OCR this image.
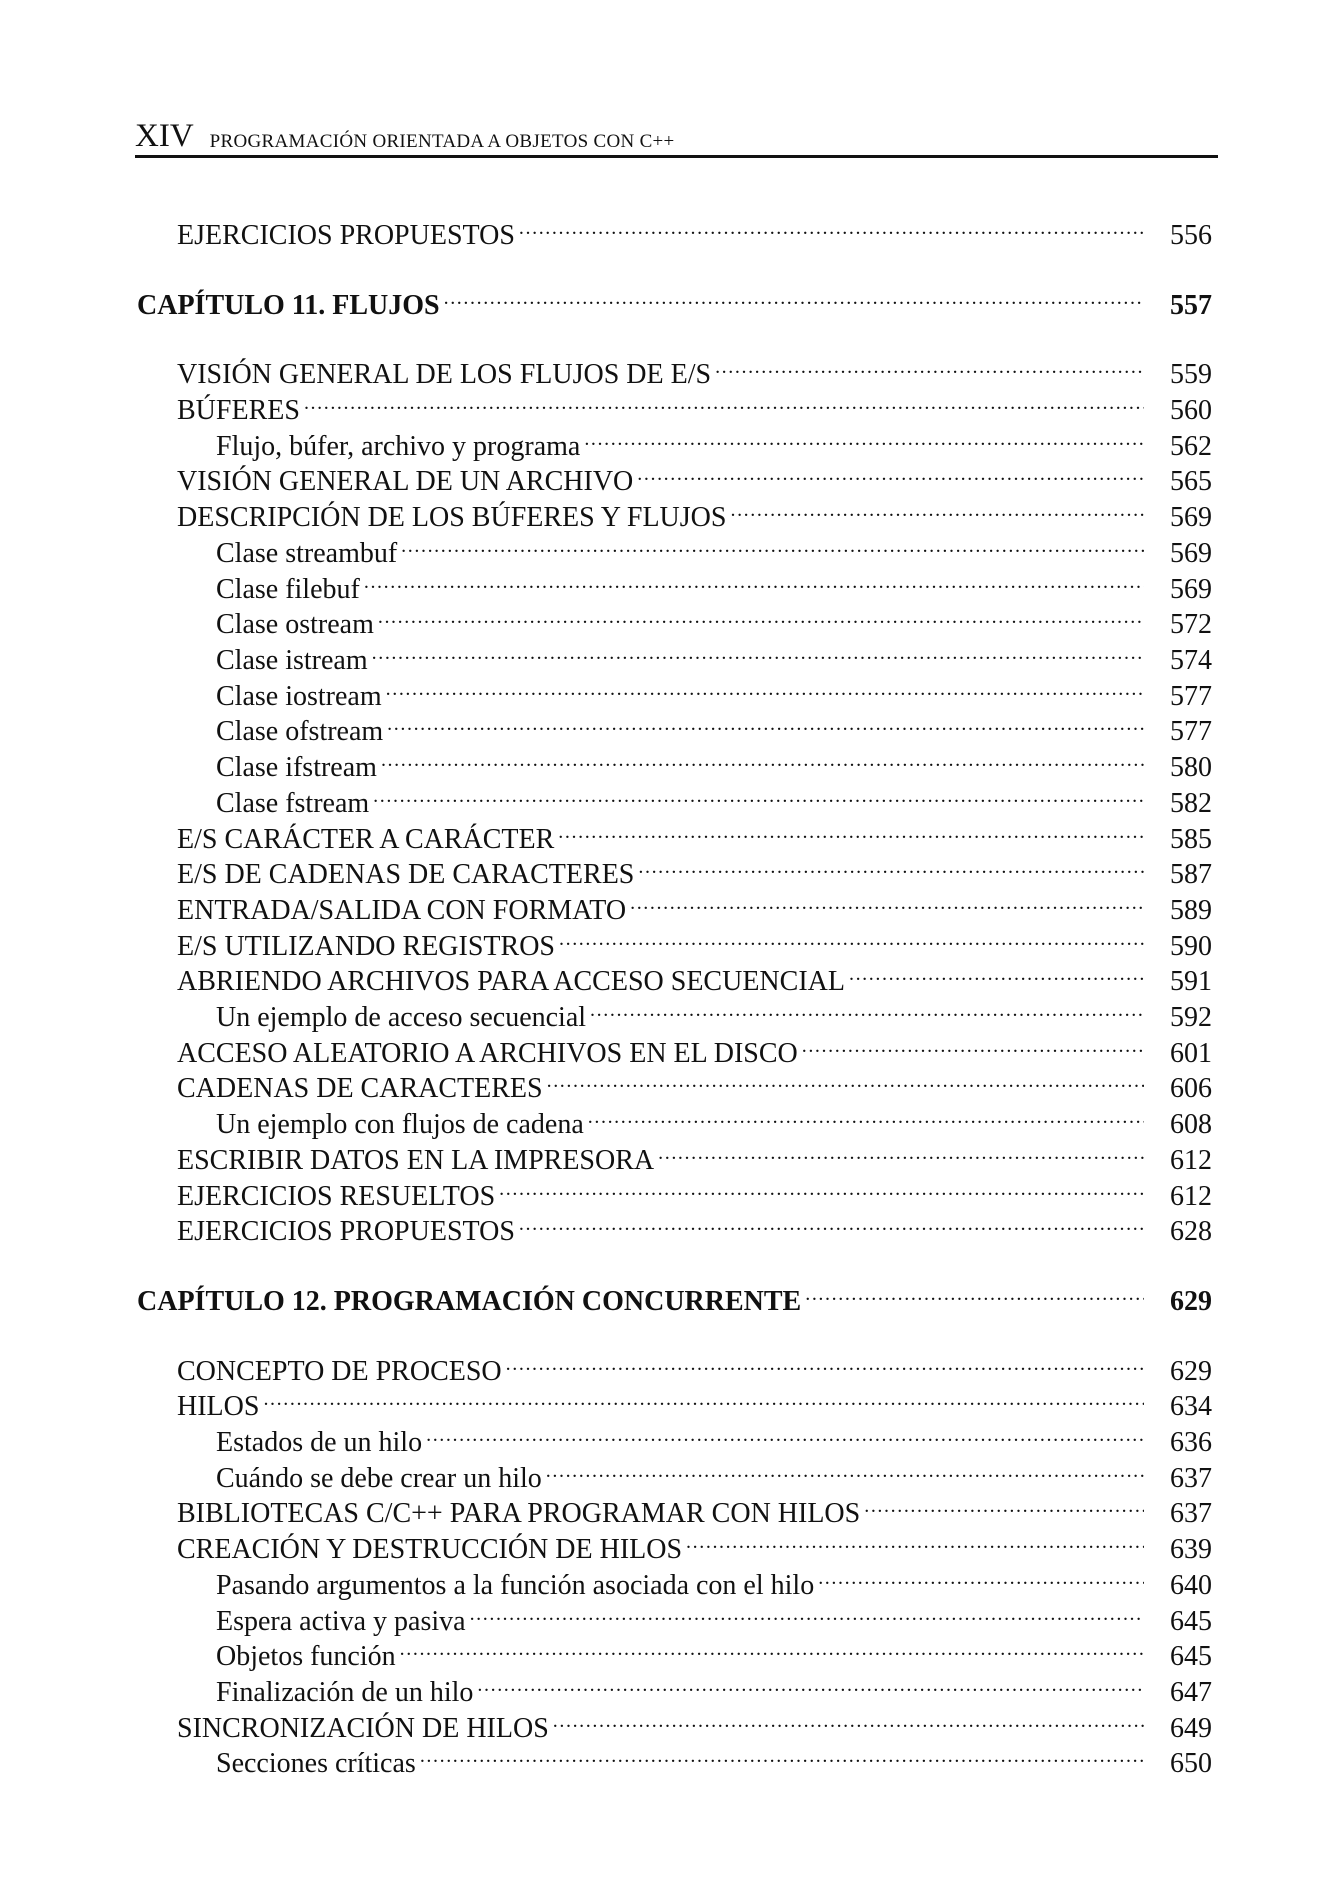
XIV PROGRAMACIÓN ORIENTADA A OBJETOS CON C++
EJERCICIOS PROPUESTOS .....	556
CAPÍTULO 11. FLUJOS .....	557
VISIÓN GENERAL DE LOS FLUJOS DE E/S .....	559
BÚFERES .....	560
Flujo, búfer, archivo y programa .....	562
VISIÓN GENERAL DE UN ARCHIVO .....	565
DESCRIPCIÓN DE LOS BÚFERES Y FLUJOS .....	569
Clase streambuf .....	569
Clase filebuf .....	569
Clase ostream .....	572
Clase istream .....	574
Clase iostream .....	577
Clase ofstream .....	577
Clase ifstream .....	580
Clase fstream .....	582
E/S CARÁCTER A CARÁCTER .....	585
E/S DE CADENAS DE CARACTERES .....	587
ENTRADA/SALIDA CON FORMATO .....	589
E/S UTILIZANDO REGISTROS .....	590
ABRIENDO ARCHIVOS PARA ACCESO SECUENCIAL .....	591
Un ejemplo de acceso secuencial .....	592
ACCESO ALEATORIO A ARCHIVOS EN EL DISCO .....	601
CADENAS DE CARACTERES .....	606
Un ejemplo con flujos de cadena .....	608
ESCRIBIR DATOS EN LA IMPRESORA .....	612
EJERCICIOS RESUELTOS .....	612
EJERCICIOS PROPUESTOS .....	628
CAPÍTULO 12. PROGRAMACIÓN CONCURRENTE .....	629
CONCEPTO DE PROCESO .....	629
HILOS .....	634
Estados de un hilo .....	636
Cuándo se debe crear un hilo .....	637
BIBLIOTECAS C/C++ PARA PROGRAMAR CON HILOS .....	637
CREACIÓN Y DESTRUCCIÓN DE HILOS .....	639
Pasando argumentos a la función asociada con el hilo .....	640
Espera activa y pasiva .....	645
Objetos función .....	645
Finalización de un hilo .....	647
SINCRONIZACIÓN DE HILOS .....	649
Secciones críticas .....	650
